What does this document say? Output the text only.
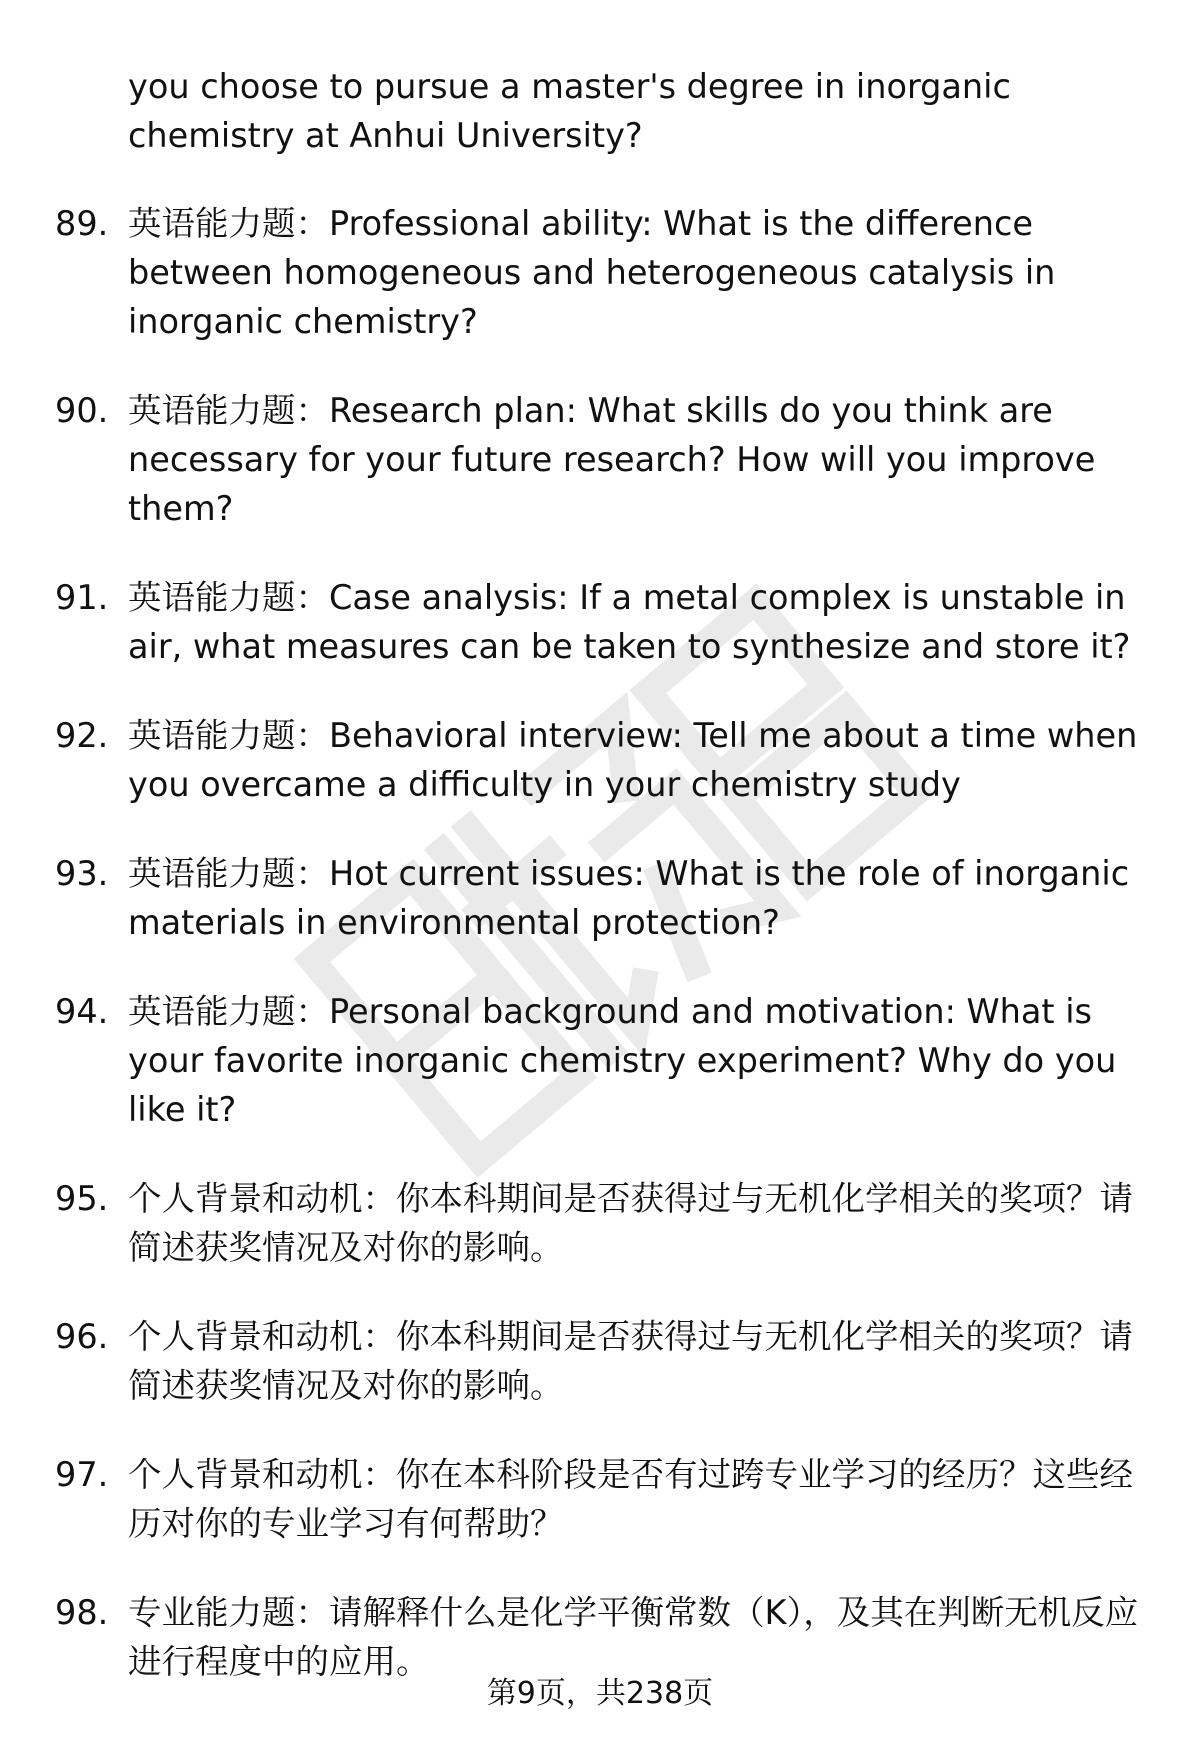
you choose to pursue a master's degree in inorganic chemistry at Anhui University?
89. 英语能力题：Professional ability: What is the difference between homogeneous and heterogeneous catalysis in inorganic chemistry?
90. 英语能力题：Research plan: What skills do you think are necessary for your future research? How will you improve them?
91. 英语能力题：Case analysis: If a metal complex is unstable in air, what measures can be taken to synthesize and store it?
92. 英语能力题：Behavioral interview: Tell me about a time when you overcame a difficulty in your chemistry study
93. 英语能力题：Hot current issues: What is the role of inorganic materials in environmental protection?
94. 英语能力题：Personal background and motivation: What is your favorite inorganic chemistry experiment? Why do you like it?
95. 个人背景和动机：你本科期间是否获得过与无机化学相关的奖项？请简述获奖情况及对你的影响。
96. 个人背景和动机：你本科期间是否获得过与无机化学相关的奖项？请简述获奖情况及对你的影响。
97. 个人背景和动机：你在本科阶段是否有过跨专业学习的经历？这些经历对你的专业学习有何帮助？
98. 专业能力题：请解释什么是化学平衡常数（K），及其在判断无机反应进行程度中的应用。
第9页，共238页
